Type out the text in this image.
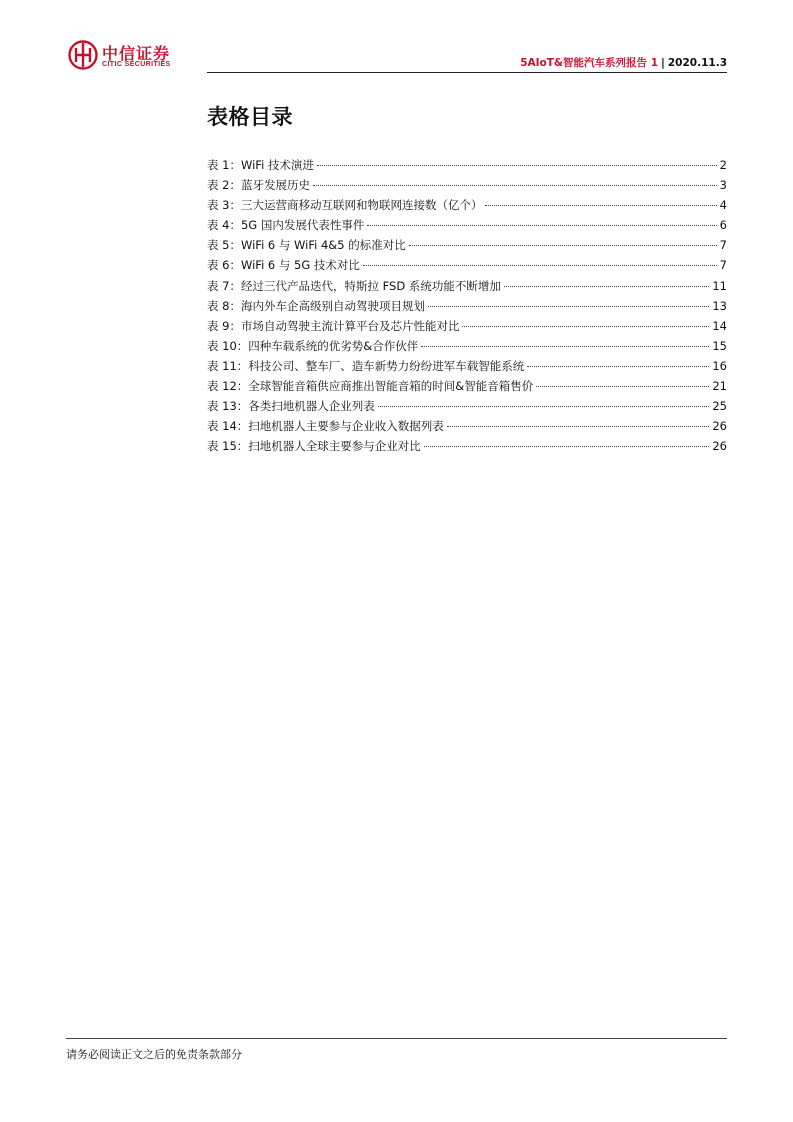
中信证券
CITIC SECURITIES	5AIoT&智能汽车系列报告 1 | 2020.11.3
表格目录
表 1：WiFi 技术演进	2
表 2：蓝牙发展历史	3
表 3：三大运营商移动互联网和物联网连接数（亿个）	4
表 4：5G 国内发展代表性事件	6
表 5：WiFi 6 与 WiFi 4&5 的标准对比	7
表 6：WiFi 6 与 5G 技术对比	7
表 7：经过三代产品迭代，特斯拉 FSD 系统功能不断增加	11
表 8：海内外车企高级别自动驾驶项目规划	13
表 9：市场自动驾驶主流计算平台及芯片性能对比	14
表 10：四种车载系统的优劣势&合作伙伴	15
表 11：科技公司、整车厂、造车新势力纷纷进军车载智能系统	16
表 12：全球智能音箱供应商推出智能音箱的时间&智能音箱售价	21
表 13：各类扫地机器人企业列表	25
表 14：扫地机器人主要参与企业收入数据列表	26
表 15：扫地机器人全球主要参与企业对比	26
请务必阅读正文之后的免责条款部分
